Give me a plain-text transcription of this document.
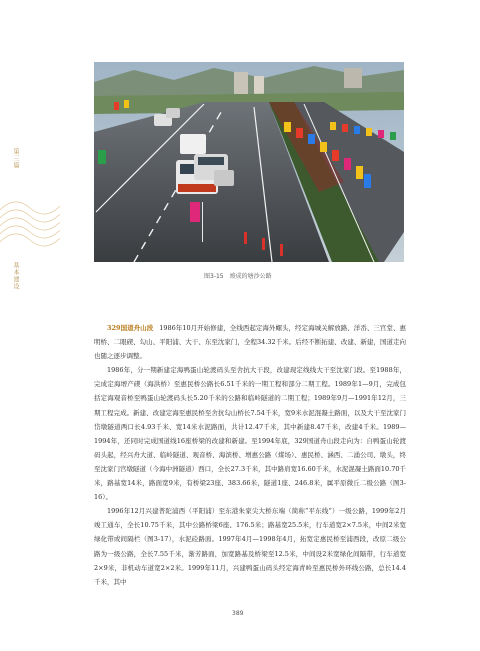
第三篇
基本建设	图3-15　竣成的塘沙公路

329国道舟山段 1986年10月开始修建，全线西起定海外螺头，经定海城关解放路、洋岙、三官堂、惠明桥、二眼碶、勾山、平阳浦、大干、东至沈家门，全程34.32千米。后经不断拓建、改建、新建，国道走向也随之逐步调整。

1986年，分一期新建定海鸭蛋山轮渡码头至舍抗大干段，改建现定线线大干至沈家门段。至1988年，完成定海增产碶（海洪桥）至惠民桥公路长6.51千米的一期工程和部分二期工程。1989年1—9月，完成包括定海观音桥至鸭蛋山轮渡码头长5.20千米的公路和临岭隧道的二期工程；1989年9月—1991年12月，三期工程完成。新建、改建定海至惠民桥至舍抗勾山桥长7.54千米，宽9米水泥混凝土路面，以及大干至沈家门岱墩隧道两口长4.93千米、宽14米水泥路面，共计12.47千米，其中新建8.47千米，改建4千米。1989—1994年，还同时完成国道线16座桥梁的改建和新建。至1994年底，329国道舟山段走向为：自鸭蛋山轮渡码头起，经兴舟大道、临岭隧道、观音桥、海滨桥、增惠公路（煤场）、惠民桥、涵西、二涌公司、墩头，终至沈家门宫墩隧道（今海中洲隧道）西口，全长27.3千米，其中路肩宽16.60千米，水泥混凝土路面10.70千米，路基宽14米，路面宽9米，有桥梁23座、383.66米，隧道1座、246.8米，属平原微丘二级公路（图3-16）。

1996年12月兴建普陀浦西（平阳浦）至东港朱家尖大桥东端（简称“平东线”）一级公路，1999年2月竣工通车，全长10.75千米，其中公路桥梁6座、176.5米；路基宽25.5米，行车道宽2×7.5米，中间2米宽绿化带或间隔栏（图3-17），水泥砼路面。1997年4月—1998年4月，拓宽定惠民桥至浦西段，改原二级公路为一级公路，全长7.55千米，渐芳路面，加宽路基及桥梁至12.5米，中间设2米宽绿化间隔带，行车道宽2×9米，非机动车道宽2×2米。1999年11月，兴建鸭蛋山码头经定海青岭至惠民桥外环线公路，总长14.4千米，其中

389
